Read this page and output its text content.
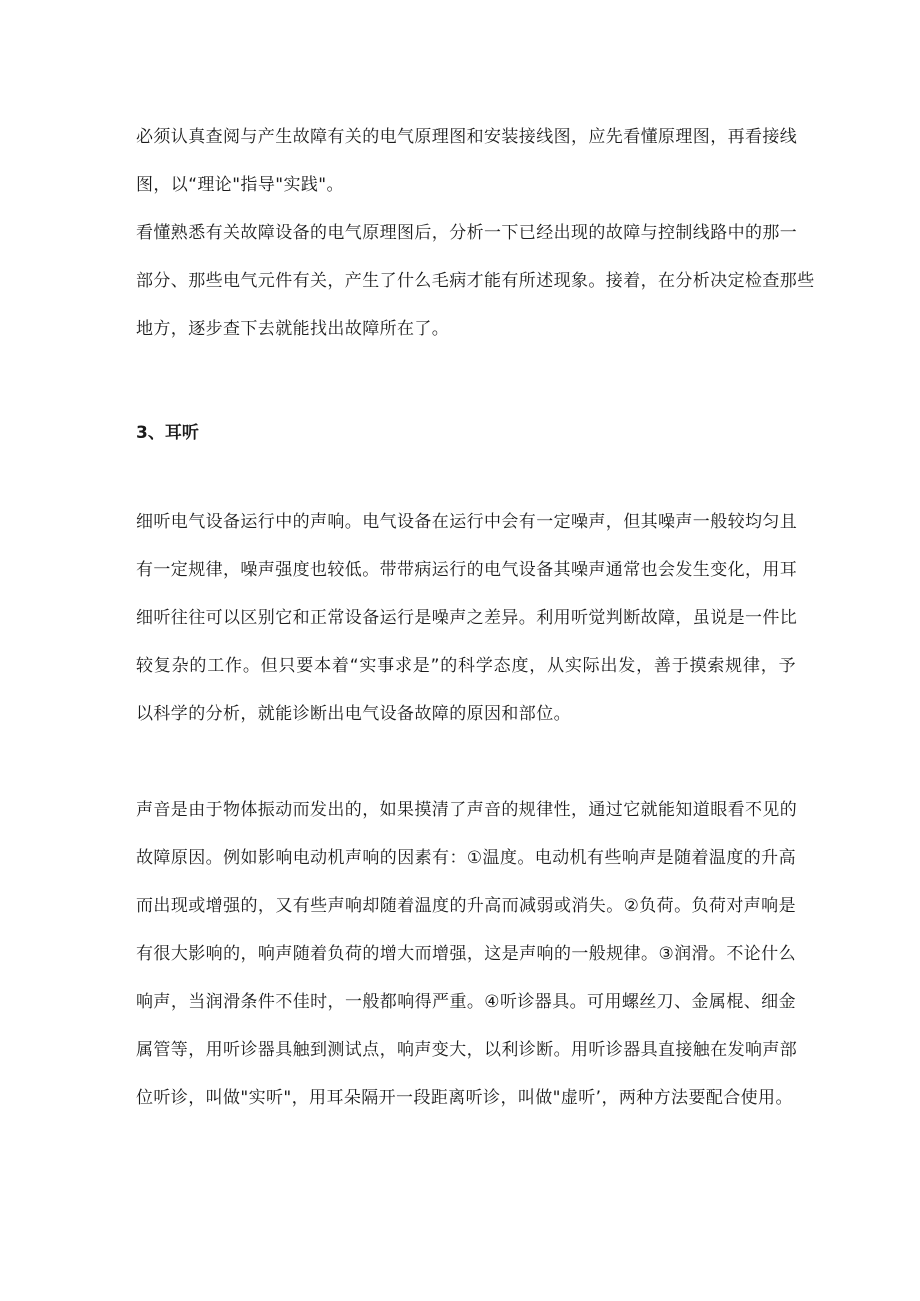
必须认真查阅与产生故障有关的电气原理图和安装接线图，应先看懂原理图，再看接线
图，以“理论"指导"实践"。
看懂熟悉有关故障设备的电气原理图后，分析一下已经出现的故障与控制线路中的那一
部分、那些电气元件有关，产生了什么毛病才能有所述现象。接着，在分析决定检查那些
地方，逐步查下去就能找出故障所在了。
3、耳听
细听电气设备运行中的声响。电气设备在运行中会有一定噪声，但其噪声一般较均匀且
有一定规律，噪声强度也较低。带带病运行的电气设备其噪声通常也会发生变化，用耳
细听往往可以区别它和正常设备运行是噪声之差异。利用听觉判断故障，虽说是一件比
较复杂的工作。但只要本着“实事求是”的科学态度，从实际出发，善于摸索规律，予
以科学的分析，就能诊断出电气设备故障的原因和部位。
声音是由于物体振动而发出的，如果摸清了声音的规律性，通过它就能知道眼看不见的
故障原因。例如影响电动机声响的因素有：①温度。电动机有些响声是随着温度的升高
而出现或增强的，又有些声响却随着温度的升高而减弱或消失。②负荷。负荷对声响是
有很大影响的，响声随着负荷的增大而增强，这是声响的一般规律。③润滑。不论什么
响声，当润滑条件不佳时，一般都响得严重。④听诊器具。可用螺丝刀、金属棍、细金
属管等，用听诊器具触到测试点，响声变大，以利诊断。用听诊器具直接触在发响声部
位听诊，叫做"实听"，用耳朵隔开一段距离听诊，叫做"虚听’，两种方法要配合使用。
